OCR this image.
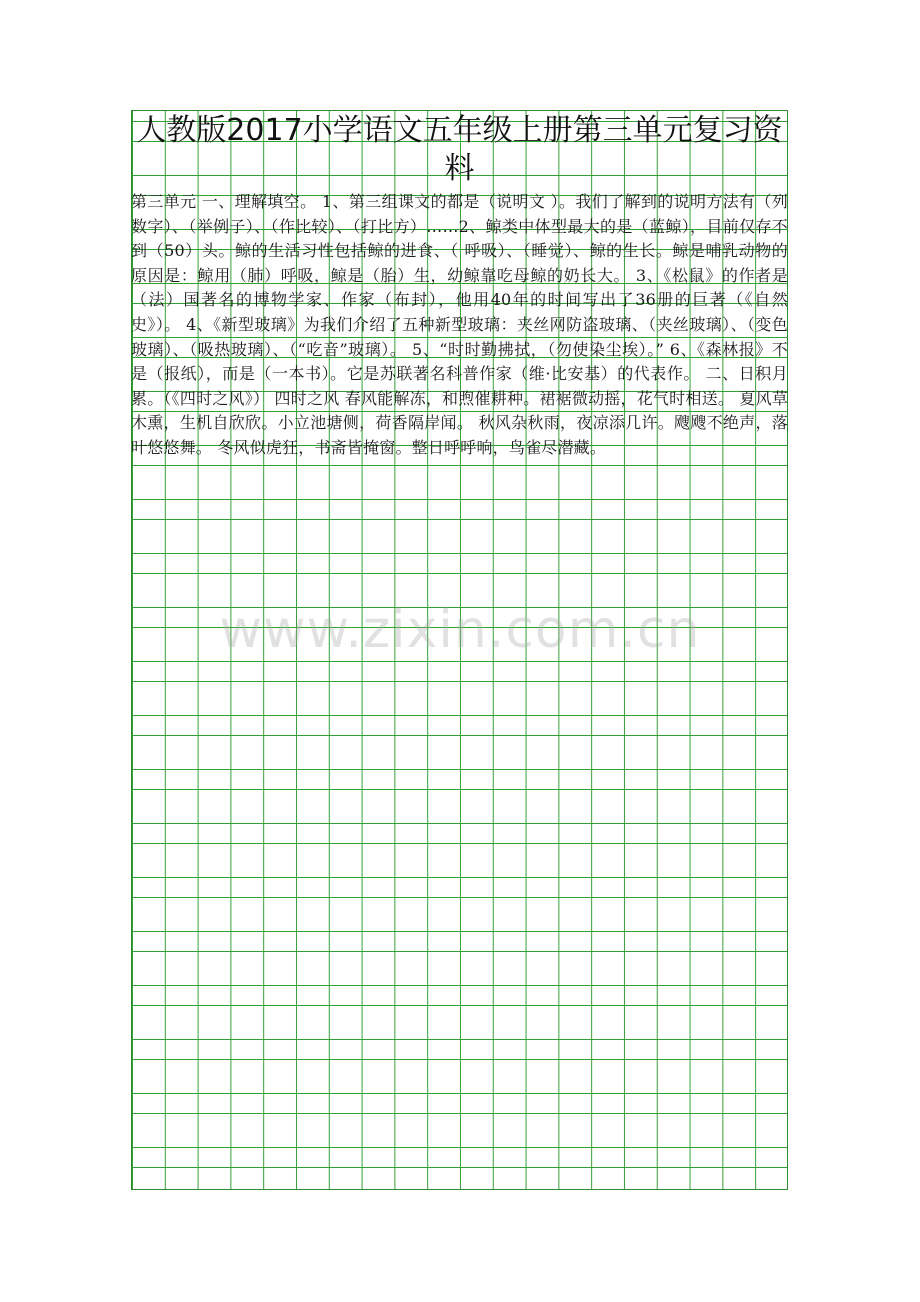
人教版2017小学语文五年级上册第三单元复习资料

第三单元 一、理解填空。 1、第三组课文的都是（说明文 ）。我们了解到的说明方法有（列数字）、（举例子）、（作比较）、（打比方）……2、鲸类中体型最大的是（蓝鲸），目前仅存不到（50）头。鲸的生活习性包括鲸的进食、（ 呼吸）、（睡觉）、鲸的生长。鲸是哺乳动物的原因是：鲸用（肺）呼吸，鲸是（胎）生，幼鲸靠吃母鲸的奶长大。 3、《松鼠》的作者是（法）国著名的博物学家、作家（布封），他用40年的时间写出了36册的巨著（《自然史》）。 4、《新型玻璃》为我们介绍了五种新型玻璃：夹丝网防盗玻璃、（夹丝玻璃）、（变色玻璃）、（吸热玻璃）、（“吃音”玻璃）。 5、“时时勤拂拭，（勿使染尘埃）。” 6、《森林报》不是（报纸），而是（一本书）。它是苏联著名科普作家（维·比安基）的代表作。 二、日积月累。（《四时之风》） 四时之风 春风能解冻，和煦催耕种。裙裾微动摇，花气时相送。 夏风草木熏，生机自欣欣。小立池塘侧，荷香隔岸闻。 秋风杂秋雨，夜凉添几许。飕飕不绝声，落叶悠悠舞。 冬风似虎狂，书斋皆掩窗。整日呼呼响，鸟雀尽潜藏。

www.zixin.com.cn
